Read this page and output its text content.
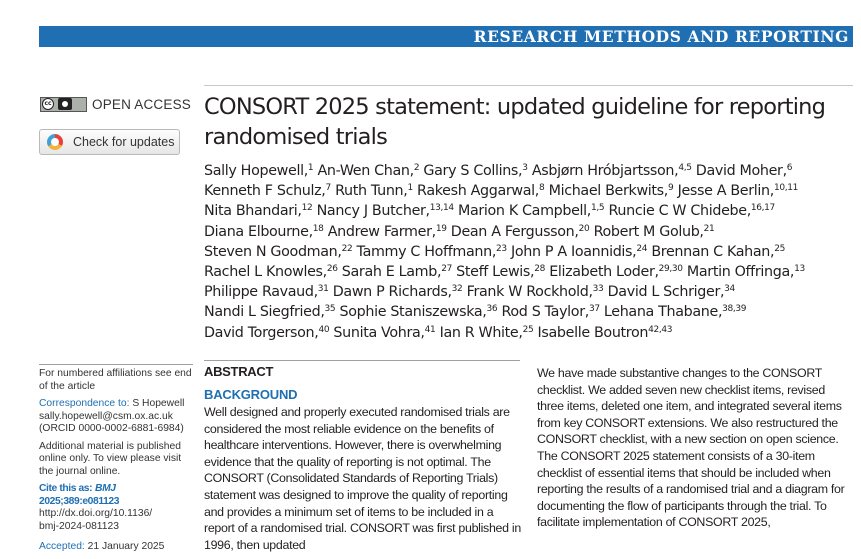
RESEARCH METHODS AND REPORTING
cc	OPEN ACCESS
Check for updates
CONSORT 2025 statement: updated guideline for reporting
randomised trials
Sally Hopewell,$^1$ An-Wen Chan,$^2$ Gary S Collins,$^3$ Asbjørn Hróbjartsson,$^{4,5}$ David Moher,$^6$
Kenneth F Schulz,$^7$ Ruth Tunn,$^1$ Rakesh Aggarwal,$^8$ Michael Berkwits,$^9$ Jesse A Berlin,$^{10,11}$
Nita Bhandari,$^{12}$ Nancy J Butcher,$^{13,14}$ Marion K Campbell,$^{1,5}$ Runcie C W Chidebe,$^{16,17}$
Diana Elbourne,$^{18}$ Andrew Farmer,$^{19}$ Dean A Fergusson,$^{20}$ Robert M Golub,$^{21}$
Steven N Goodman,$^{22}$ Tammy C Hoffmann,$^{23}$ John P A Ioannidis,$^{24}$ Brennan C Kahan,$^{25}$
Rachel L Knowles,$^{26}$ Sarah E Lamb,$^{27}$ Steff Lewis,$^{28}$ Elizabeth Loder,$^{29,30}$ Martin Offringa,$^{13}$
Philippe Ravaud,$^{31}$ Dawn P Richards,$^{32}$ Frank W Rockhold,$^{33}$ David L Schriger,$^{34}$
Nandi L Siegfried,$^{35}$ Sophie Staniszewska,$^{36}$ Rod S Taylor,$^{37}$ Lehana Thabane,$^{38,39}$
David Torgerson,$^{40}$ Sunita Vohra,$^{41}$ Ian R White,$^{25}$ Isabelle Boutron$^{42,43}$

For numbered affiliations see end of the article

Correspondence to: S Hopewell
sally.hopewell@csm.ox.ac.uk
(ORCID 0000-0002-6881-6984)

Additional material is published online only. To view please visit the journal online.

Cite this as: BMJ 2025;389:e081123
http://dx.doi.org/10.1136/
bmj-2024-081123

Accepted: 21 January 2025

ABSTRACT
BACKGROUND

Well designed and properly executed randomised trials are considered the most reliable evidence on the benefits of healthcare interventions. However, there is overwhelming evidence that the quality of reporting is not optimal. The CONSORT (Consolidated Standards of Reporting Trials) statement was designed to improve the quality of reporting and provides a minimum set of items to be included in a report of a randomised trial. CONSORT was first published in 1996, then updated

We have made substantive changes to the CONSORT checklist. We added seven new checklist items, revised three items, deleted one item, and integrated several items from key CONSORT extensions. We also restructured the CONSORT checklist, with a new section on open science. The CONSORT 2025 statement consists of a 30-item checklist of essential items that should be included when reporting the results of a randomised trial and a diagram for documenting the flow of participants through the trial. To facilitate implementation of CONSORT 2025,
